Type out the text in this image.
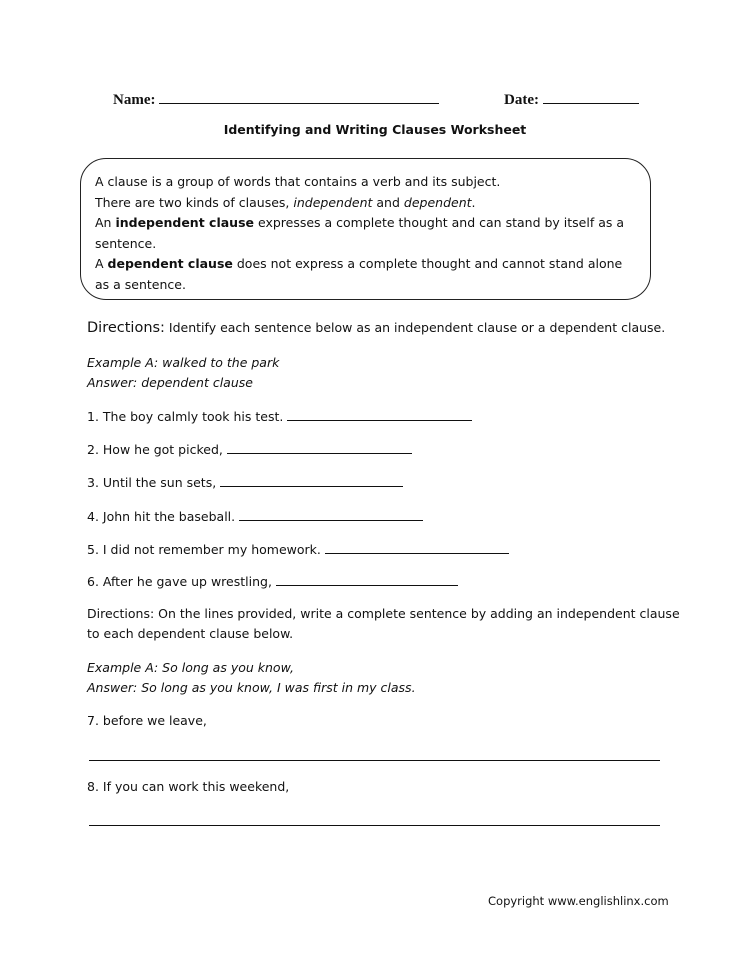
Name:	Date:
Identifying and Writing Clauses Worksheet

A clause is a group of words that contains a verb and its subject.

There are two kinds of clauses, independent and dependent.

An independent clause expresses a complete thought and can stand by itself as a sentence.

A dependent clause does not express a complete thought and cannot stand alone as a sentence.

Directions: Identify each sentence below as an independent clause or a dependent clause.
Example A: walked to the park
Answer: dependent clause
1. The boy calmly took his test.
2. How he got picked,
3. Until the sun sets,
4. John hit the baseball.
5. I did not remember my homework.
6. After he gave up wrestling,
Directions: On the lines provided, write a complete sentence by adding an independent clause
to each dependent clause below.
Example A: So long as you know,
Answer: So long as you know, I was first in my class.
7. before we leave,
8. If you can work this weekend,
Copyright www.englishlinx.com
